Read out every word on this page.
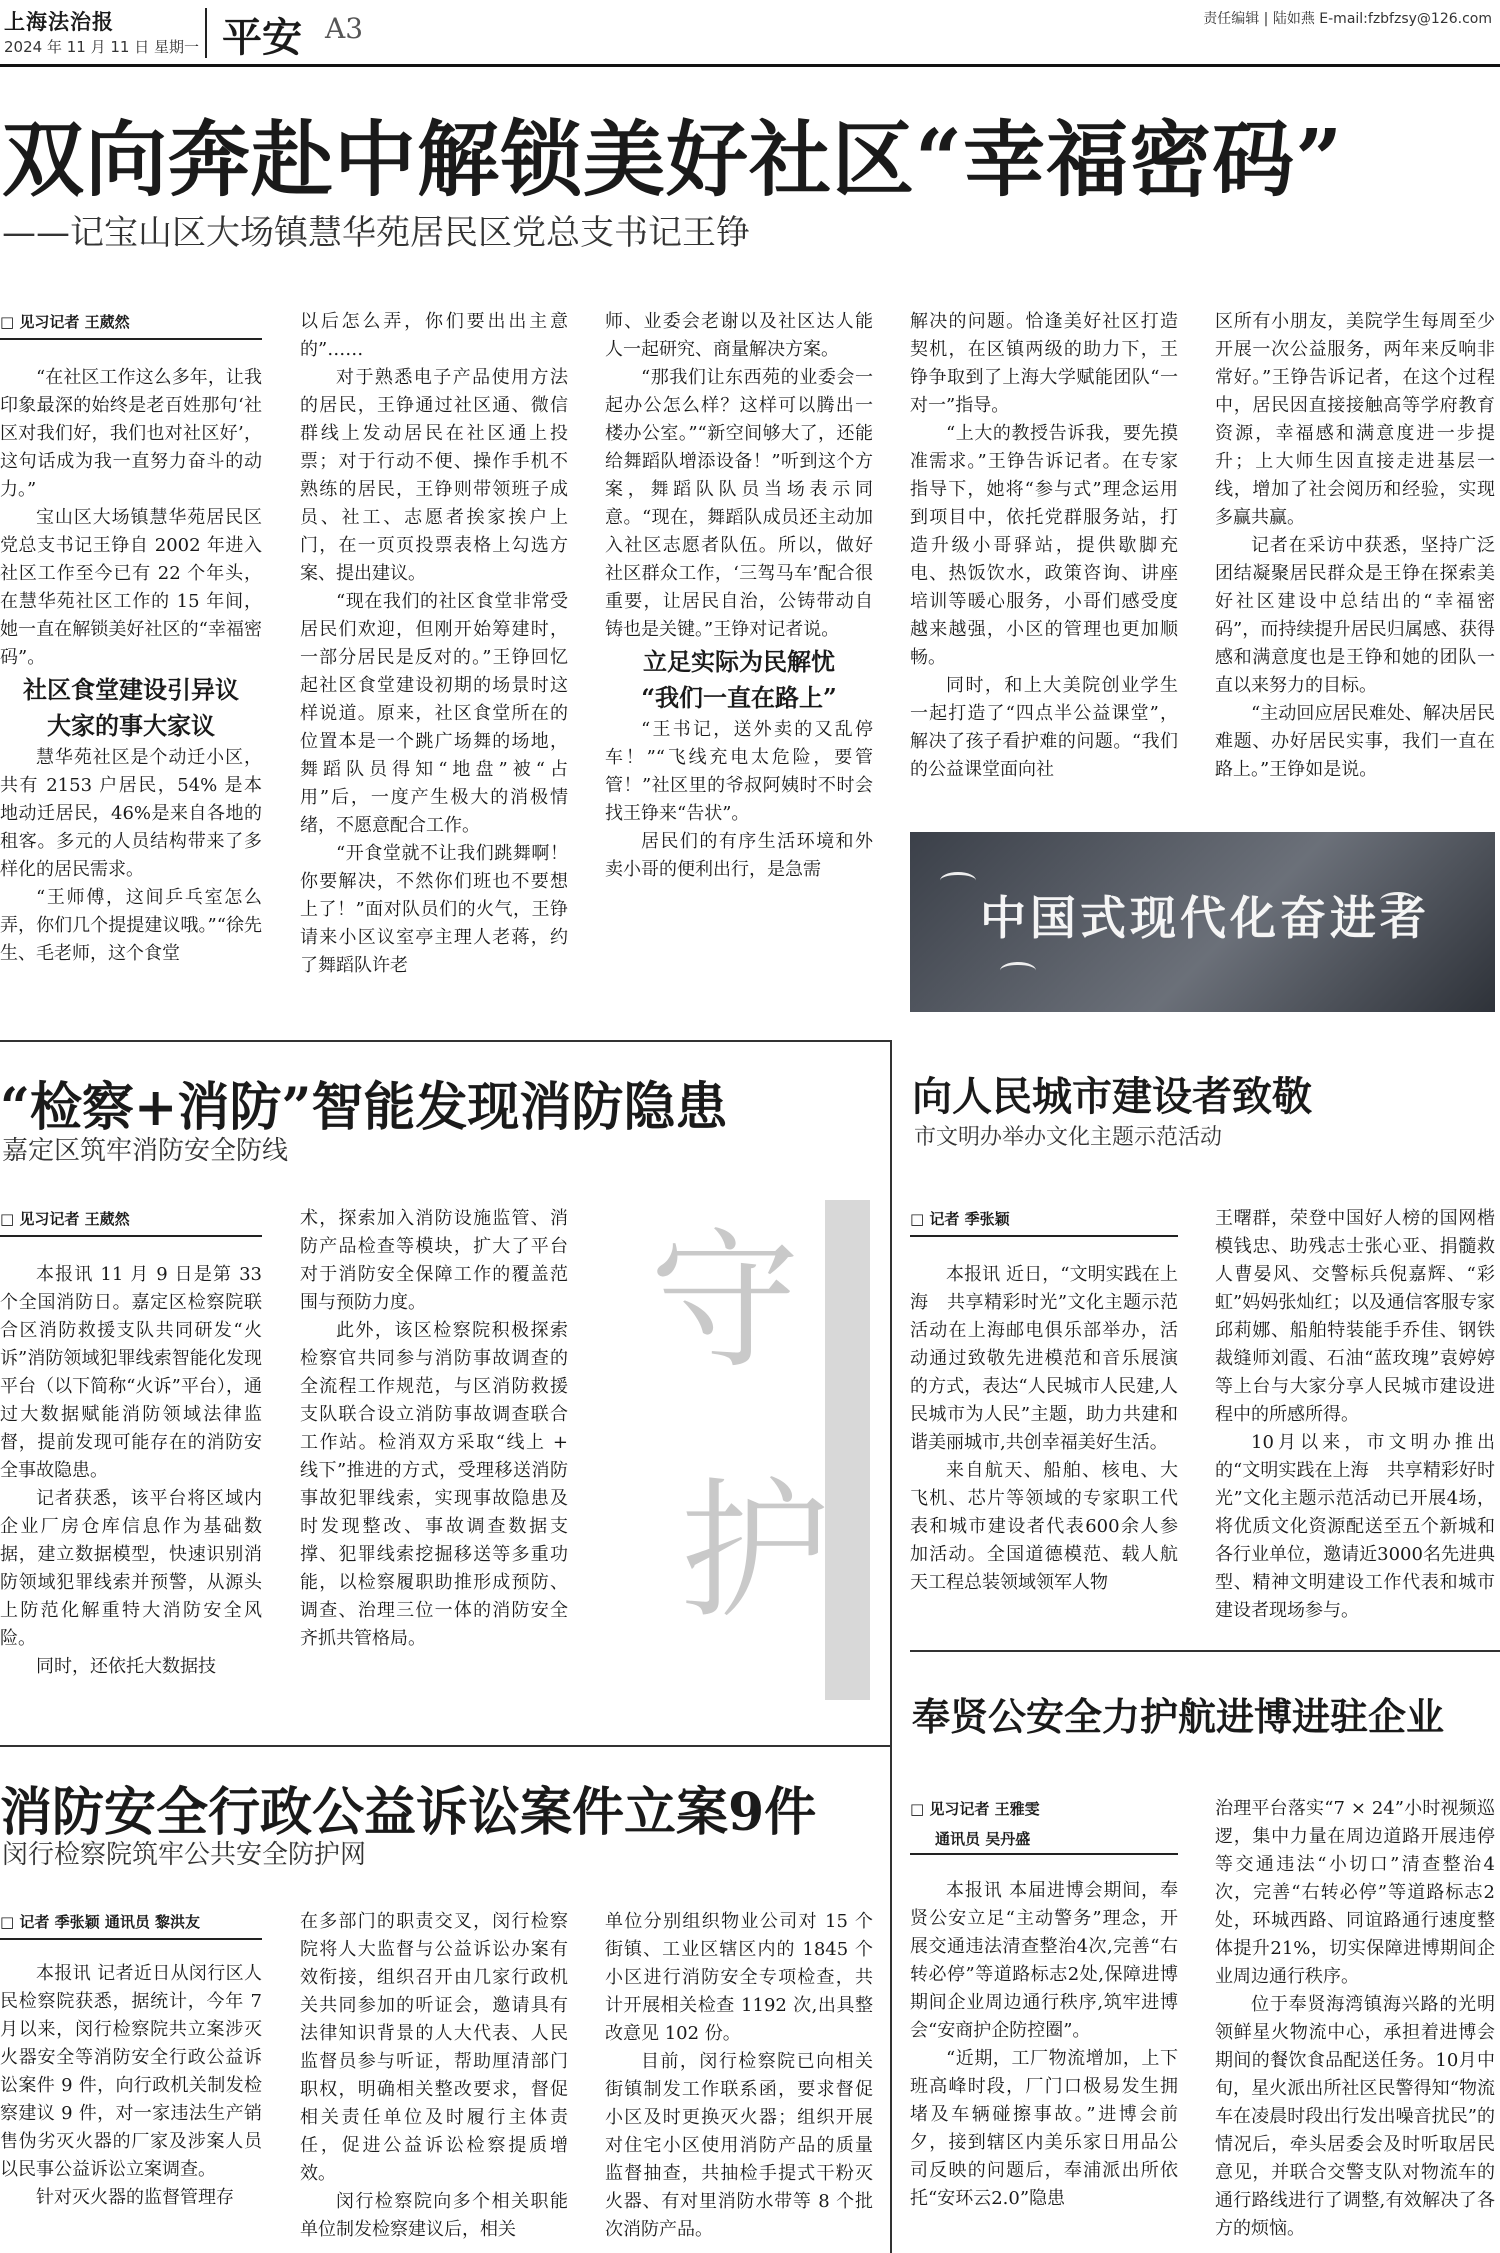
上海法治报
2024 年 11 月 11 日 星期一 平安 A3	责任编辑 | 陆如燕 E-mail:fzbfzsy@126.com
双向奔赴中解锁美好社区“幸福密码”
——记宝山区大场镇慧华苑居民区党总支书记王铮

□ 见习记者 王葳然

“在社区工作这么多年，让我印象最深的始终是老百姓那句‘社区对我们好，我们也对社区好’，这句话成为我一直努力奋斗的动力。”

宝山区大场镇慧华苑居民区党总支书记王铮自 2002 年进入社区工作至今已有 22 个年头，在慧华苑社区工作的 15 年间，她一直在解锁美好社区的“幸福密码”。

社区食堂建设引异议
大家的事大家议

慧华苑社区是个动迁小区，共有 2153 户居民，54% 是本地动迁居民，46%是来自各地的租客。多元的人员结构带来了多样化的居民需求。

“王师傅，这间乒乓室怎么弄，你们几个提提建议哦。”“徐先生、毛老师，这个食堂

以后怎么弄，你们要出出主意的”……

对于熟悉电子产品使用方法的居民，王铮通过社区通、微信群线上发动居民在社区通上投票；对于行动不便、操作手机不熟练的居民，王铮则带领班子成员、社工、志愿者挨家挨户上门，在一页页投票表格上勾选方案、提出建议。

“现在我们的社区食堂非常受居民们欢迎，但刚开始筹建时，一部分居民是反对的。”王铮回忆起社区食堂建设初期的场景时这样说道。原来，社区食堂所在的位置本是一个跳广场舞的场地，舞蹈队员得知“地盘”被“占用”后，一度产生极大的消极情绪，不愿意配合工作。

“开食堂就不让我们跳舞啊！你要解决，不然你们班也不要想上了！”面对队员们的火气，王铮请来小区议室亭主理人老蒋，约了舞蹈队许老

师、业委会老谢以及社区达人能人一起研究、商量解决方案。

“那我们让东西苑的业委会一起办公怎么样？这样可以腾出一楼办公室。”“新空间够大了，还能给舞蹈队增添设备！”听到这个方案，舞蹈队队员当场表示同意。“现在，舞蹈队成员还主动加入社区志愿者队伍。所以，做好社区群众工作，‘三驾马车’配合很重要，让居民自治，公铸带动自铸也是关键。”王铮对记者说。

立足实际为民解忧
“我们一直在路上”

“王书记，送外卖的又乱停车！”“飞线充电太危险，要管管！”社区里的爷叔阿姨时不时会找王铮来“告状”。

居民们的有序生活环境和外卖小哥的便利出行，是急需

解决的问题。恰逢美好社区打造契机，在区镇两级的助力下，王铮争取到了上海大学赋能团队“一对一”指导。

“上大的教授告诉我，要先摸准需求。”王铮告诉记者。在专家指导下，她将“参与式”理念运用到项目中，依托党群服务站，打造升级小哥驿站，提供歇脚充电、热饭饮水，政策咨询、讲座培训等暖心服务，小哥们感受度越来越强，小区的管理也更加顺畅。

同时，和上大美院创业学生一起打造了“四点半公益课堂”，解决了孩子看护难的问题。“我们的公益课堂面向社

区所有小朋友，美院学生每周至少开展一次公益服务，两年来反响非常好。”王铮告诉记者，在这个过程中，居民因直接接触高等学府教育资源，幸福感和满意度进一步提升；上大师生因直接走进基层一线，增加了社会阅历和经验，实现多赢共赢。

记者在采访中获悉，坚持广泛团结凝聚居民群众是王铮在探索美好社区建设中总结出的“幸福密码”，而持续提升居民归属感、获得感和满意度也是王铮和她的团队一直以来努力的目标。

“主动回应居民难处、解决居民难题、办好居民实事，我们一直在路上。”王铮如是说。

中国式现代化奋进者
“检察+消防”智能发现消防隐患
嘉定区筑牢消防安全防线

□ 见习记者 王葳然

本报讯 11 月 9 日是第 33 个全国消防日。嘉定区检察院联合区消防救援支队共同研发“火诉”消防领域犯罪线索智能化发现平台（以下简称“火诉”平台），通过大数据赋能消防领域法律监督，提前发现可能存在的消防安全事故隐患。

记者获悉，该平台将区域内企业厂房仓库信息作为基础数据，建立数据模型，快速识别消防领域犯罪线索并预警，从源头上防范化解重特大消防安全风险。

同时，还依托大数据技

术，探索加入消防设施监管、消防产品检查等模块，扩大了平台对于消防安全保障工作的覆盖范围与预防力度。

此外，该区检察院积极探索检察官共同参与消防事故调查的全流程工作规范，与区消防救援支队联合设立消防事故调查联合工作站。检消双方采取“线上 + 线下”推进的方式，受理移送消防事故犯罪线索，实现事故隐患及时发现整改、事故调查数据支撑、犯罪线索挖掘移送等多重功能，以检察履职助推形成预防、调查、治理三位一体的消防安全齐抓共管格局。

守
护
向人民城市建设者致敬
市文明办举办文化主题示范活动

□ 记者 季张颖

本报讯 近日，“文明实践在上海　共享精彩时光”文化主题示范活动在上海邮电俱乐部举办，活动通过致敬先进模范和音乐展演的方式，表达“人民城市人民建,人民城市为人民”主题，助力共建和谐美丽城市,共创幸福美好生活。

来自航天、船舶、核电、大飞机、芯片等领域的专家职工代表和城市建设者代表600余人参加活动。全国道德模范、载人航天工程总装领域领军人物

王曙群，荣登中国好人榜的国网楷模钱忠、助残志士张心亚、捐髓救人曹晏风、交警标兵倪嘉辉、“彩虹”妈妈张灿红；以及通信客服专家邱莉娜、船舶特装能手乔佳、钢铁裁缝师刘霞、石油“蓝玫瑰”袁婷婷等上台与大家分享人民城市建设进程中的所感所得。

10月以来，市文明办推出的“文明实践在上海　共享精彩好时光”文化主题示范活动已开展4场，将优质文化资源配送至五个新城和各行业单位，邀请近3000名先进典型、精神文明建设工作代表和城市建设者现场参与。

奉贤公安全力护航进博进驻企业

□ 见习记者 王雅雯

通讯员 吴丹盛

本报讯 本届进博会期间，奉贤公安立足“主动警务”理念，开展交通违法清查整治4次,完善“右转必停”等道路标志2处,保障进博期间企业周边通行秩序,筑牢进博会“安商护企防控圈”。

“近期，工厂物流增加，上下班高峰时段，厂门口极易发生拥堵及车辆碰擦事故。”进博会前夕，接到辖区内美乐家日用品公司反映的问题后，奉浦派出所依托“安环云2.0”隐患

治理平台落实“7 × 24”小时视频巡逻，集中力量在周边道路开展违停等交通违法“小切口”清查整治4次，完善“右转必停”等道路标志2处，环城西路、同谊路通行速度整体提升21%，切实保障进博期间企业周边通行秩序。

位于奉贤海湾镇海兴路的光明领鲜星火物流中心，承担着进博会期间的餐饮食品配送任务。10月中旬，星火派出所社区民警得知“物流车在凌晨时段出行发出噪音扰民”的情况后，牵头居委会及时听取居民意见，并联合交警支队对物流车的通行路线进行了调整,有效解决了各方的烦恼。

消防安全行政公益诉讼案件立案9件
闵行检察院筑牢公共安全防护网

□ 记者 季张颖 通讯员 黎洪友

本报讯 记者近日从闵行区人民检察院获悉，据统计，今年 7 月以来，闵行检察院共立案涉灭火器安全等消防安全行政公益诉讼案件 9 件，向行政机关制发检察建议 9 件，对一家违法生产销售伪劣灭火器的厂家及涉案人员以民事公益诉讼立案调查。

针对灭火器的监督管理存

在多部门的职责交叉，闵行检察院将人大监督与公益诉讼办案有效衔接，组织召开由几家行政机关共同参加的听证会，邀请具有法律知识背景的人大代表、人民监督员参与听证，帮助厘清部门职权，明确相关整改要求，督促相关责任单位及时履行主体责任，促进公益诉讼检察提质增效。

闵行检察院向多个相关职能单位制发检察建议后，相关

单位分别组织物业公司对 15 个街镇、工业区辖区内的 1845 个小区进行消防安全专项检查，共计开展相关检查 1192 次,出具整改意见 102 份。

目前，闵行检察院已向相关街镇制发工作联系函，要求督促小区及时更换灭火器；组织开展对住宅小区使用消防产品的质量监督抽查，共抽检手提式干粉灭火器、有对里消防水带等 8 个批次消防产品。
